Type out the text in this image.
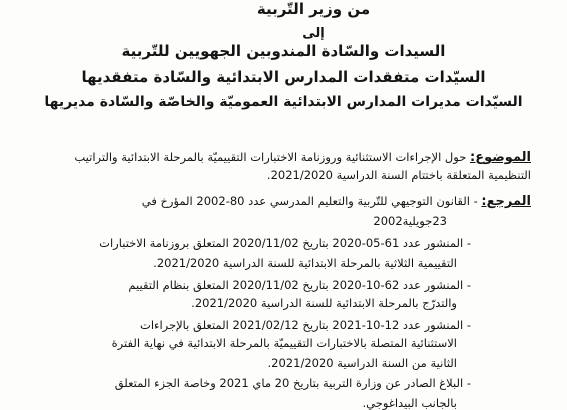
من وزير التّربية
إلى
السيدات والسّادة المندوبين الجهويين للتّربية
السيّدات متفقدات المدارس الابتدائية والسّادة متفقديها
السيّدات مديرات المدارس الابتدائية العموميّة والخاصّة والسّادة مديريها
الموضوع: حول الإجراءات الاستثنائية وروزنامة الاختبارات التقييميّة بالمرحلة الابتدائية والتراتيب
التنظيمية المتعلقة باختتام السنة الدراسية 2021/2020.
المرجع: - القانون التوجيهي للتّربية والتعليم المدرسي عدد 80-2002 المؤرخ في
23جويلية2002
- المنشور عدد 61-05-2020 بتاريخ 2020/11/02 المتعلق بروزنامة الاختبارات
التقييمية الثلاثية بالمرحلة الابتدائية للسنة الدراسية 2021/2020.
- المنشور عدد 62-10-2020 بتاريخ 2020/11/02 المتعلق بنظام التقييم
والتدرّج بالمرحلة الابتدائية للسنة الدراسية 2021/2020.
- المنشور عدد 12-10-2021 بتاريخ 2021/02/12 المتعلق بالإجراءات
الاستثنائية المتصلة بالاختبارات التقييميّة بالمرحلة الابتدائية في نهاية الفترة
الثانية من السنة الدراسية 2021/2020.
- البلاغ الصادر عن وزارة التربية بتاريخ 20 ماي 2021 وخاصة الجزء المتعلق
بالجانب البيداغوجي.
